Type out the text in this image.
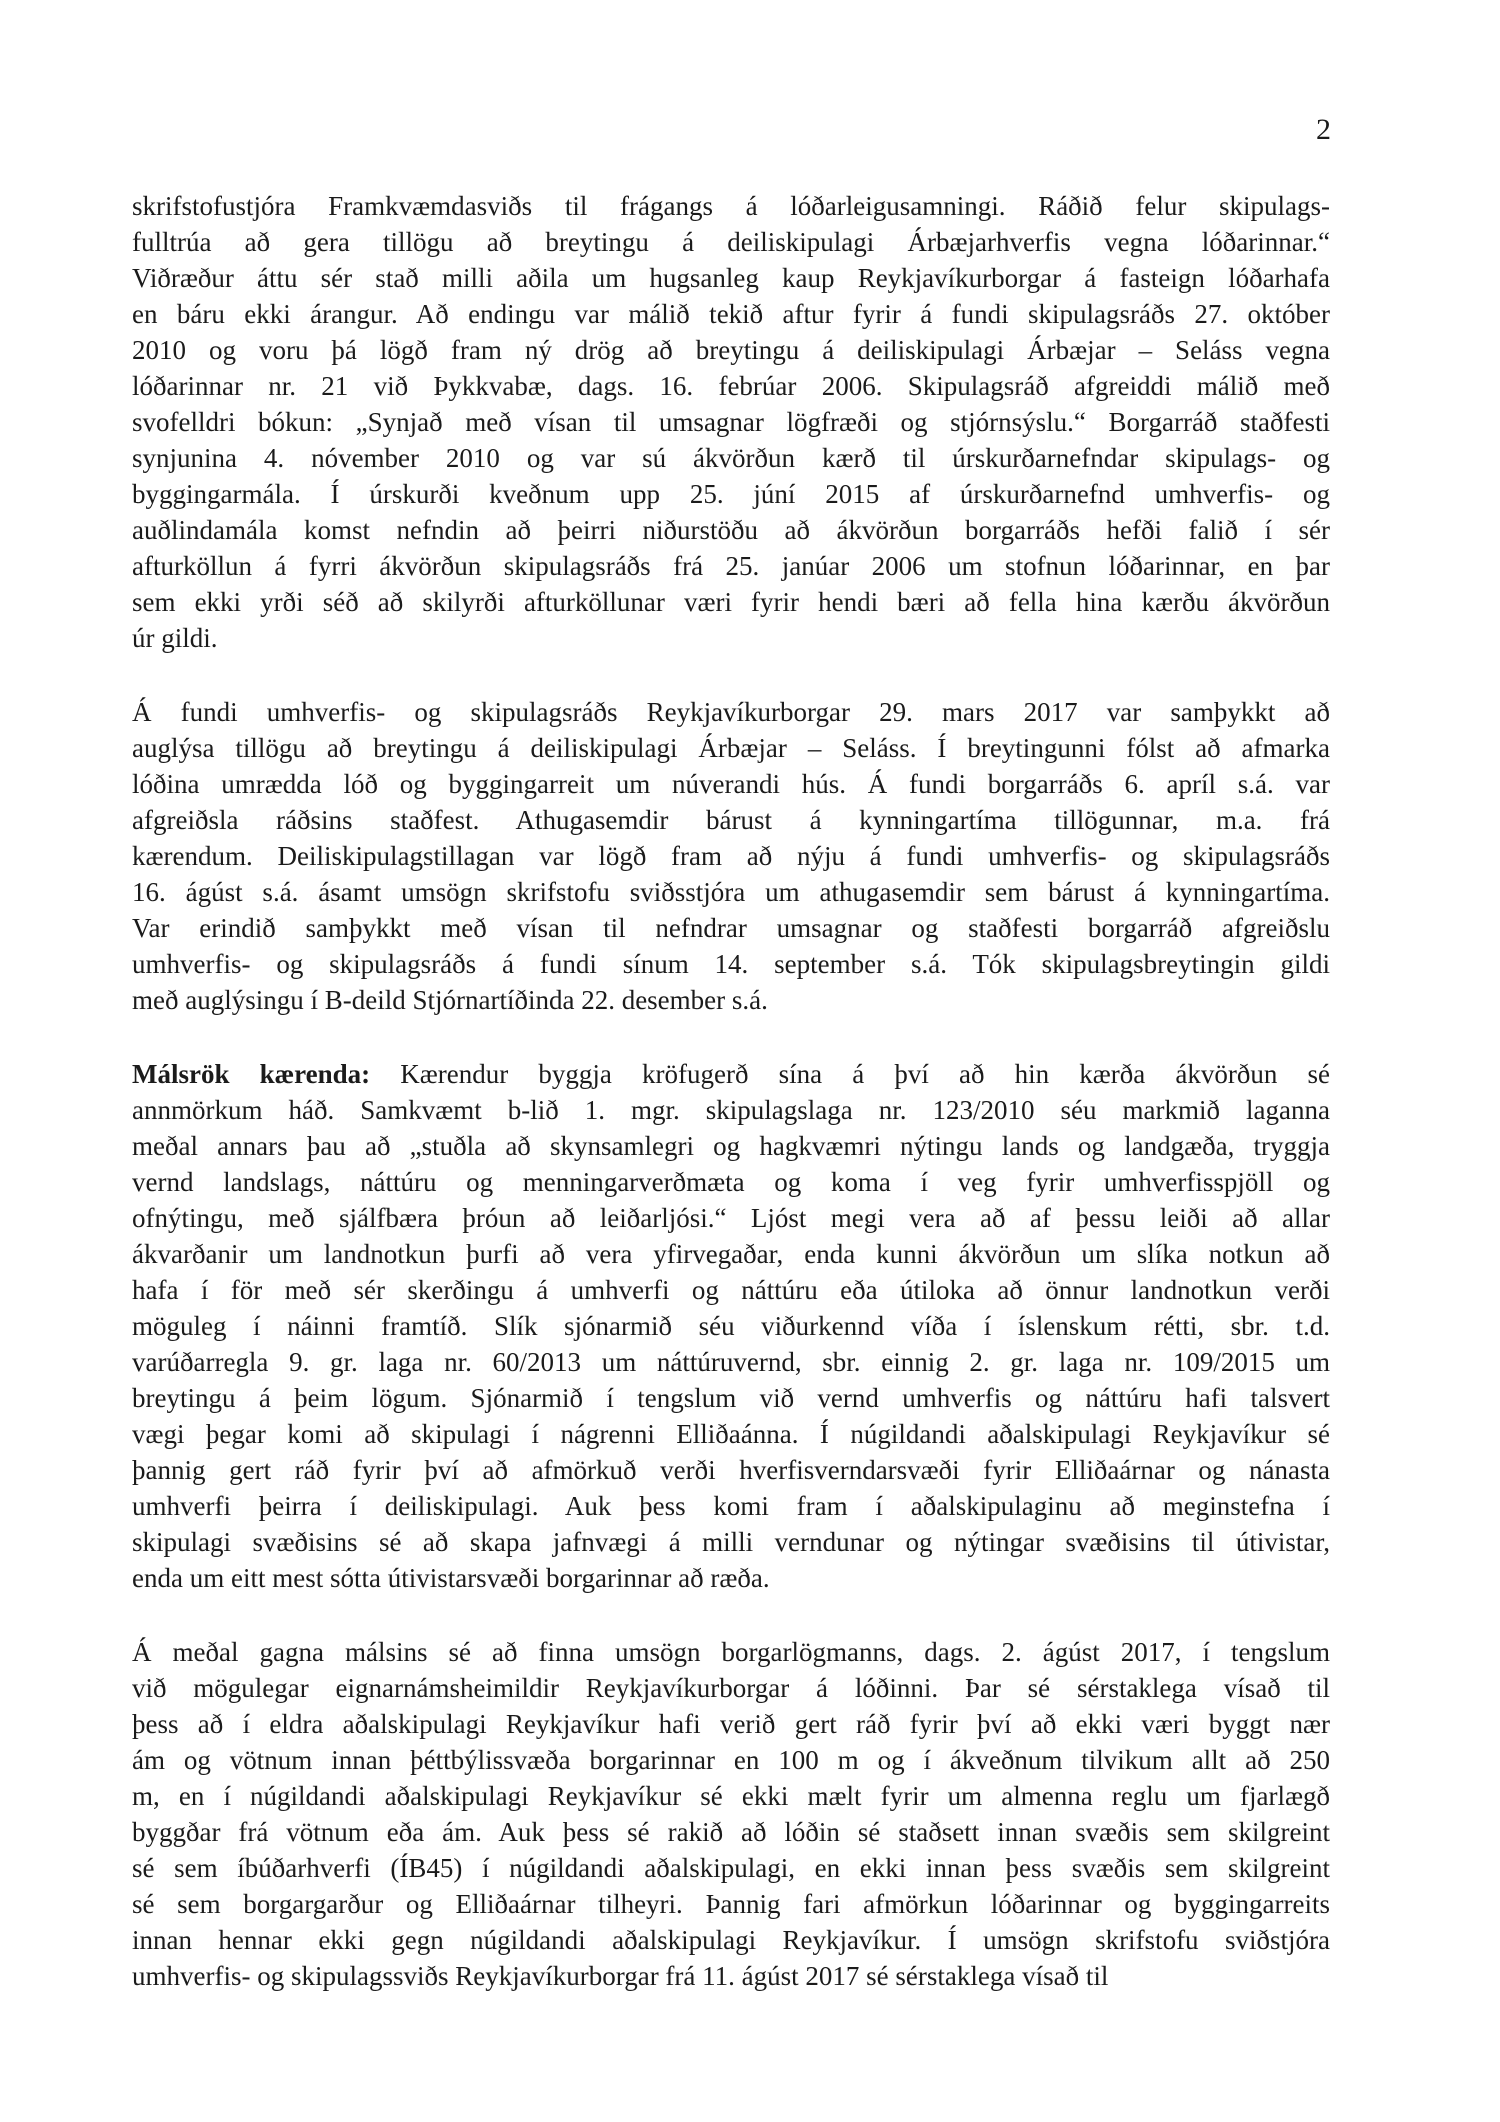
2
skrifstofustjóra Framkvæmdasviðs til frágangs á lóðarleigusamningi. Ráðið felur skipulags-
fulltrúa að gera tillögu að breytingu á deiliskipulagi Árbæjarhverfis vegna lóðarinnar.“
Viðræður áttu sér stað milli aðila um hugsanleg kaup Reykjavíkurborgar á fasteign lóðarhafa
en báru ekki árangur. Að endingu var málið tekið aftur fyrir á fundi skipulagsráðs 27. október
2010 og voru þá lögð fram ný drög að breytingu á deiliskipulagi Árbæjar – Seláss vegna
lóðarinnar nr. 21 við Þykkvabæ, dags. 16. febrúar 2006. Skipulagsráð afgreiddi málið með
svofelldri bókun: „Synjað með vísan til umsagnar lögfræði og stjórnsýslu.“ Borgarráð staðfesti
synjunina 4. nóvember 2010 og var sú ákvörðun kærð til úrskurðarnefndar skipulags- og
byggingarmála. Í úrskurði kveðnum upp 25. júní 2015 af úrskurðarnefnd umhverfis- og
auðlindamála komst nefndin að þeirri niðurstöðu að ákvörðun borgarráðs hefði falið í sér
afturköllun á fyrri ákvörðun skipulagsráðs frá 25. janúar 2006 um stofnun lóðarinnar, en þar
sem ekki yrði séð að skilyrði afturköllunar væri fyrir hendi bæri að fella hina kærðu ákvörðun
úr gildi.
Á fundi umhverfis- og skipulagsráðs Reykjavíkurborgar 29. mars 2017 var samþykkt að
auglýsa tillögu að breytingu á deiliskipulagi Árbæjar – Seláss. Í breytingunni fólst að afmarka
lóðina umrædda lóð og byggingarreit um núverandi hús. Á fundi borgarráðs 6. apríl s.á. var
afgreiðsla ráðsins staðfest. Athugasemdir bárust á kynningartíma tillögunnar, m.a. frá
kærendum. Deiliskipulagstillagan var lögð fram að nýju á fundi umhverfis- og skipulagsráðs
16. ágúst s.á. ásamt umsögn skrifstofu sviðsstjóra um athugasemdir sem bárust á kynningartíma.
Var erindið samþykkt með vísan til nefndrar umsagnar og staðfesti borgarráð afgreiðslu
umhverfis- og skipulagsráðs á fundi sínum 14. september s.á. Tók skipulagsbreytingin gildi
með auglýsingu í B-deild Stjórnartíðinda 22. desember s.á.
Málsrök kærenda: Kærendur byggja kröfugerð sína á því að hin kærða ákvörðun sé
annmörkum háð. Samkvæmt b-lið 1. mgr. skipulagslaga nr. 123/2010 séu markmið laganna
meðal annars þau að „stuðla að skynsamlegri og hagkvæmri nýtingu lands og landgæða, tryggja
vernd landslags, náttúru og menningarverðmæta og koma í veg fyrir umhverfisspjöll og
ofnýtingu, með sjálfbæra þróun að leiðarljósi.“ Ljóst megi vera að af þessu leiði að allar
ákvarðanir um landnotkun þurfi að vera yfirvegaðar, enda kunni ákvörðun um slíka notkun að
hafa í för með sér skerðingu á umhverfi og náttúru eða útiloka að önnur landnotkun verði
möguleg í náinni framtíð. Slík sjónarmið séu viðurkennd víða í íslenskum rétti, sbr. t.d.
varúðarregla 9. gr. laga nr. 60/2013 um náttúruvernd, sbr. einnig 2. gr. laga nr. 109/2015 um
breytingu á þeim lögum. Sjónarmið í tengslum við vernd umhverfis og náttúru hafi talsvert
vægi þegar komi að skipulagi í nágrenni Elliðaánna. Í núgildandi aðalskipulagi Reykjavíkur sé
þannig gert ráð fyrir því að afmörkuð verði hverfisverndarsvæði fyrir Elliðaárnar og nánasta
umhverfi þeirra í deiliskipulagi. Auk þess komi fram í aðalskipulaginu að meginstefna í
skipulagi svæðisins sé að skapa jafnvægi á milli verndunar og nýtingar svæðisins til útivistar,
enda um eitt mest sótta útivistarsvæði borgarinnar að ræða.
Á meðal gagna málsins sé að finna umsögn borgarlögmanns, dags. 2. ágúst 2017, í tengslum
við mögulegar eignarnámsheimildir Reykjavíkurborgar á lóðinni. Þar sé sérstaklega vísað til
þess að í eldra aðalskipulagi Reykjavíkur hafi verið gert ráð fyrir því að ekki væri byggt nær
ám og vötnum innan þéttbýlissvæða borgarinnar en 100 m og í ákveðnum tilvikum allt að 250
m, en í núgildandi aðalskipulagi Reykjavíkur sé ekki mælt fyrir um almenna reglu um fjarlægð
byggðar frá vötnum eða ám. Auk þess sé rakið að lóðin sé staðsett innan svæðis sem skilgreint
sé sem íbúðarhverfi (ÍB45) í núgildandi aðalskipulagi, en ekki innan þess svæðis sem skilgreint
sé sem borgargarður og Elliðaárnar tilheyri. Þannig fari afmörkun lóðarinnar og byggingarreits
innan hennar ekki gegn núgildandi aðalskipulagi Reykjavíkur. Í umsögn skrifstofu sviðstjóra
umhverfis- og skipulagssviðs Reykjavíkurborgar frá 11. ágúst 2017 sé sérstaklega vísað til
